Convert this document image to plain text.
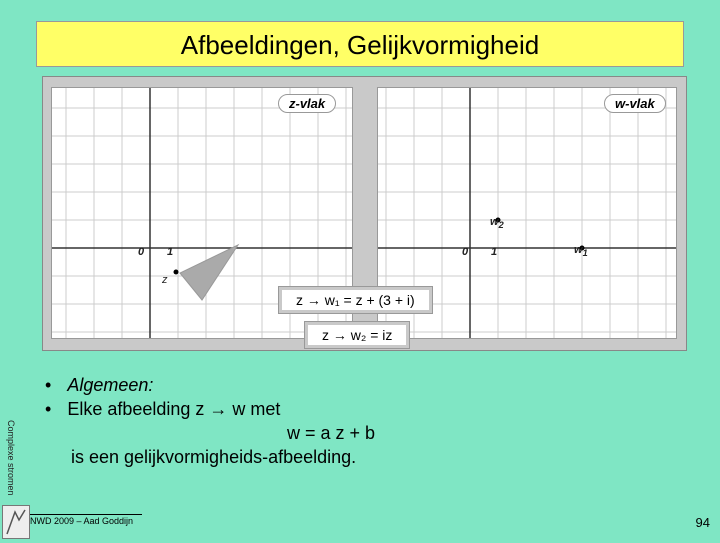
Afbeeldingen, Gelijkvormigheid
z-vlak
0 1
z
w-vlak
0 1	$w_1$
$w_2$
z → w₁ = z + (3 + i)
z → w₂ = iz
Complexe stromen
• Algemeen:
• Elke afbeelding z → w met
w = a z + b
is een gelijkvormigheids-afbeelding.
NWD 2009 – Aad Goddijn	94
